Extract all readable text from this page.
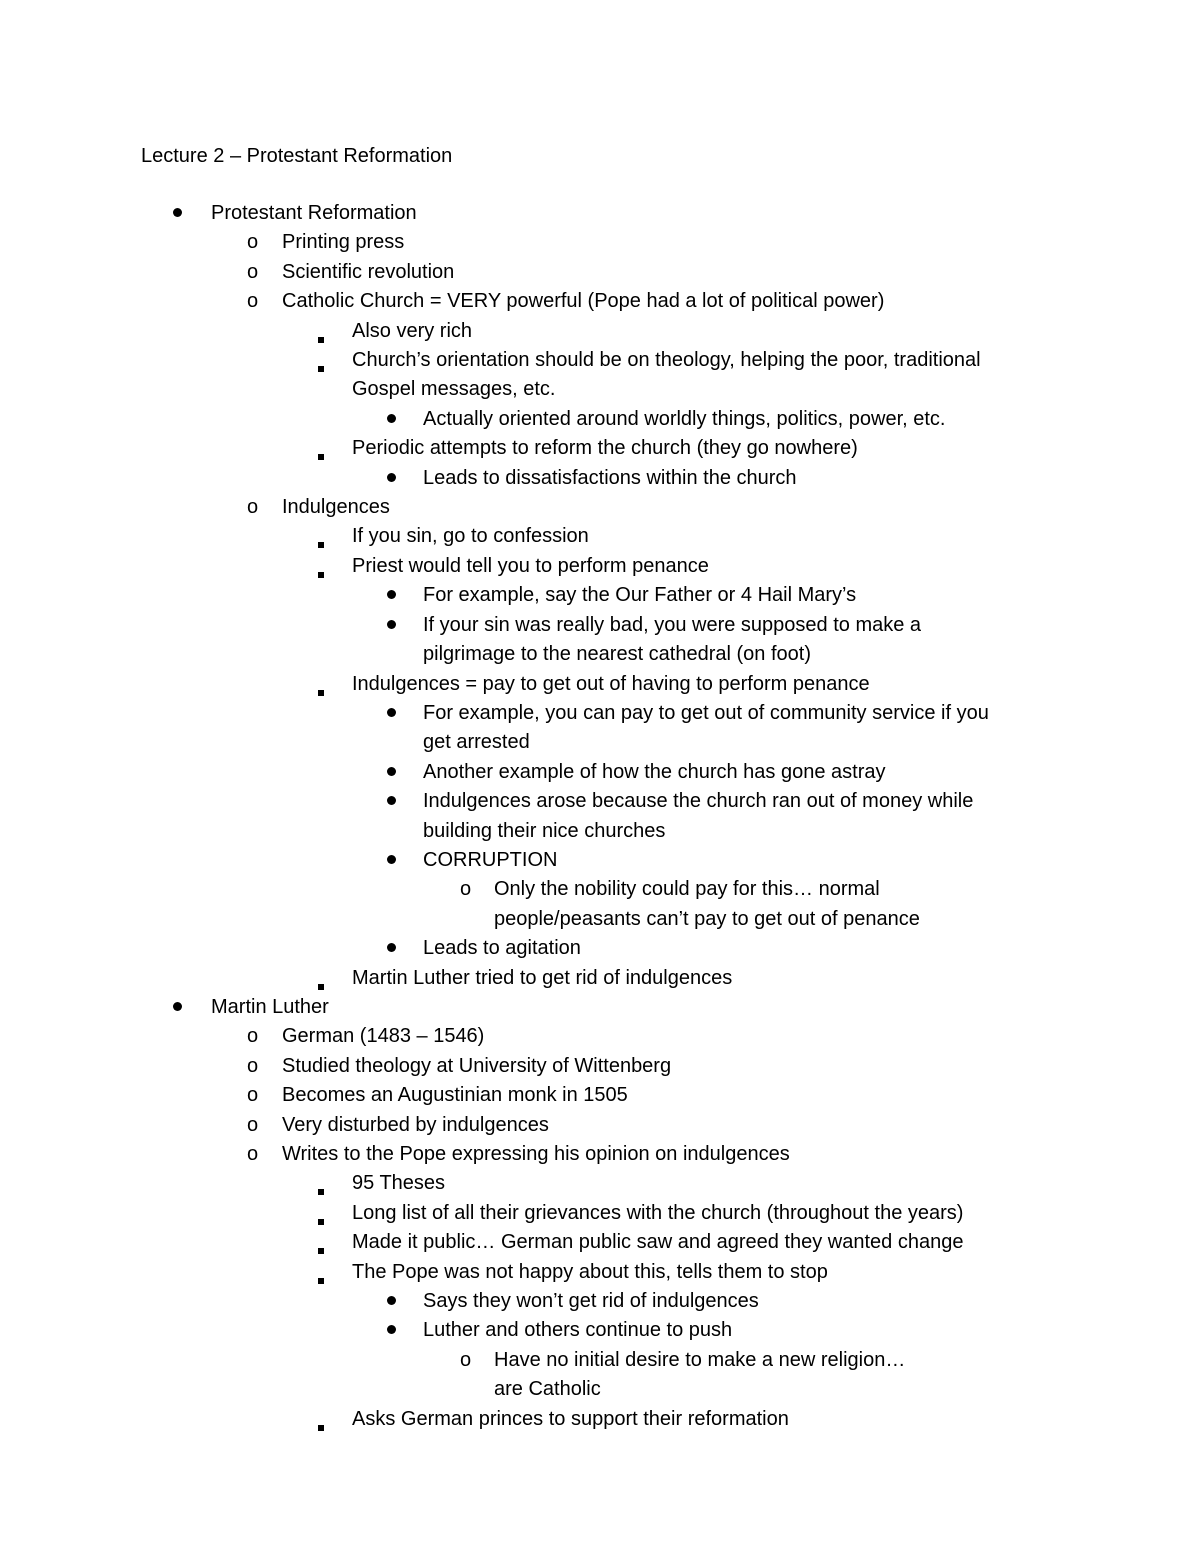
Lecture 2 – Protestant Reformation
Protestant Reformation
o	Printing press
o	Scientific revolution
o	Catholic Church = VERY powerful (Pope had a lot of political power)
Also very rich
Church’s orientation should be on theology, helping the poor, traditional
Gospel messages, etc.
Actually oriented around worldly things, politics, power, etc.
Periodic attempts to reform the church (they go nowhere)
Leads to dissatisfactions within the church
o	Indulgences
If you sin, go to confession
Priest would tell you to perform penance
For example, say the Our Father or 4 Hail Mary’s
If your sin was really bad, you were supposed to make a
pilgrimage to the nearest cathedral (on foot)
Indulgences = pay to get out of having to perform penance
For example, you can pay to get out of community service if you
get arrested
Another example of how the church has gone astray
Indulgences arose because the church ran out of money while
building their nice churches
CORRUPTION
o	Only the nobility could pay for this… normal
people/peasants can’t pay to get out of penance
Leads to agitation
Martin Luther tried to get rid of indulgences
Martin Luther
o	German (1483 – 1546)
o	Studied theology at University of Wittenberg
o	Becomes an Augustinian monk in 1505
o	Very disturbed by indulgences
o	Writes to the Pope expressing his opinion on indulgences
95 Theses
Long list of all their grievances with the church (throughout the years)
Made it public… German public saw and agreed they wanted change
The Pope was not happy about this, tells them to stop
Says they won’t get rid of indulgences
Luther and others continue to push
o	Have no initial desire to make a new religion… are Catholic
Asks German princes to support their reformation
